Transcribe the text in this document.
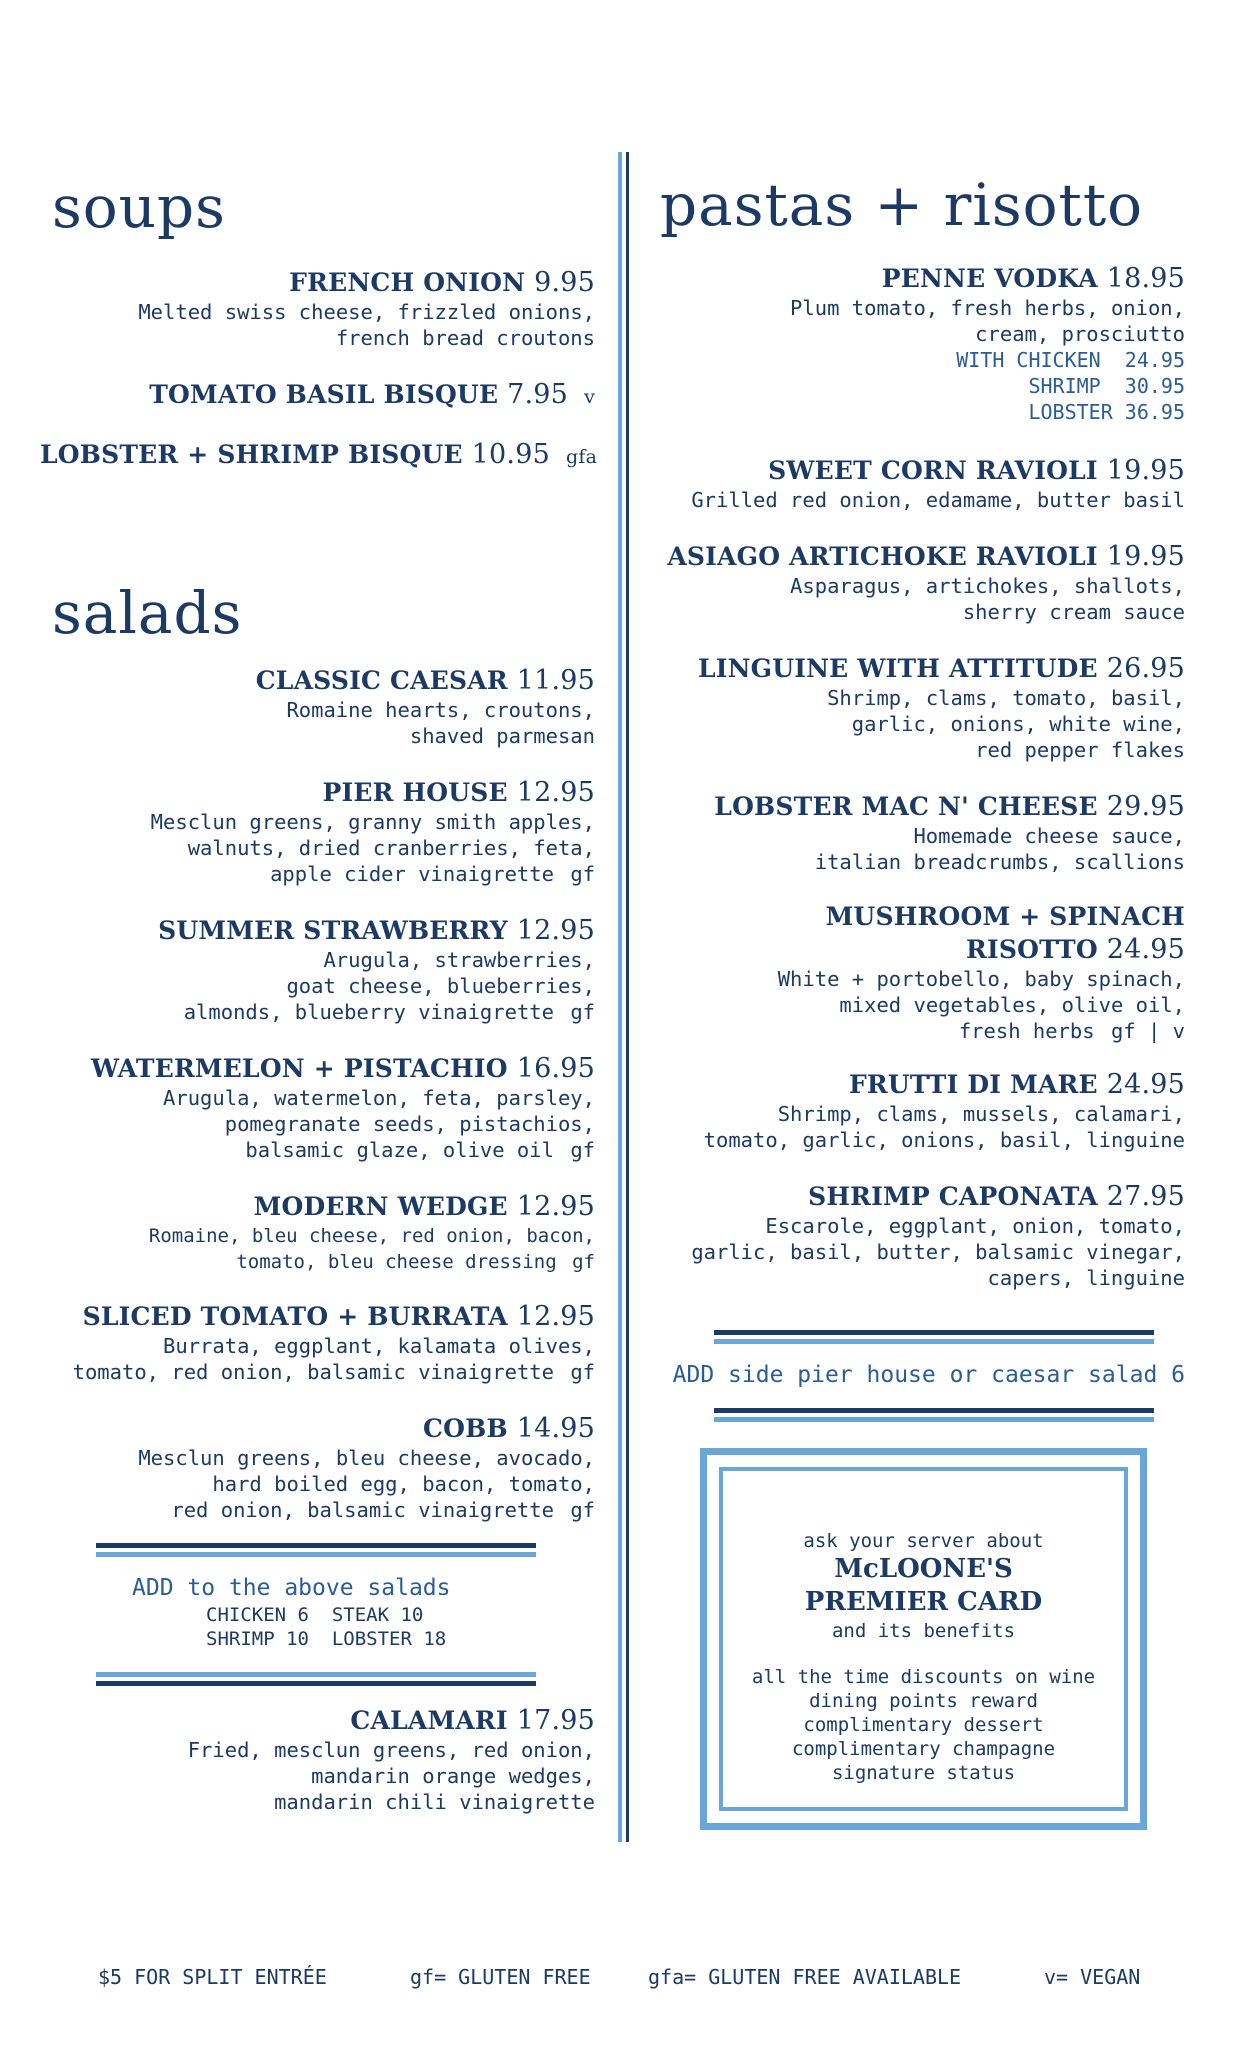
soups
FRENCH ONION 9.95
Melted swiss cheese, frizzled onions,
french bread croutons
TOMATO BASIL BISQUE 7.95 v
LOBSTER + SHRIMP BISQUE 10.95 gfa
salads
CLASSIC CAESAR 11.95
Romaine hearts, croutons,
shaved parmesan
PIER HOUSE 12.95
Mesclun greens, granny smith apples,
walnuts, dried cranberries, feta,
apple cider vinaigrette gf
SUMMER STRAWBERRY 12.95
Arugula, strawberries,
goat cheese, blueberries,
almonds, blueberry vinaigrette gf
WATERMELON + PISTACHIO 16.95
Arugula, watermelon, feta, parsley,
pomegranate seeds, pistachios,
balsamic glaze, olive oil gf
MODERN WEDGE 12.95
Romaine, bleu cheese, red onion, bacon,
tomato, bleu cheese dressing gf
SLICED TOMATO + BURRATA 12.95
Burrata, eggplant, kalamata olives,
tomato, red onion, balsamic vinaigrette gf
COBB 14.95
Mesclun greens, bleu cheese, avocado,
hard boiled egg, bacon, tomato,
red onion, balsamic vinaigrette gf
ADD to the above salads
CHICKEN 6  STEAK 10
SHRIMP 10  LOBSTER 18
CALAMARI 17.95
Fried, mesclun greens, red onion,
mandarin orange wedges,
mandarin chili vinaigrette
pastas + risotto
PENNE VODKA 18.95
Plum tomato, fresh herbs, onion,
cream, prosciutto
WITH CHICKEN  24.95
SHRIMP  30.95
LOBSTER 36.95
SWEET CORN RAVIOLI 19.95
Grilled red onion, edamame, butter basil
ASIAGO ARTICHOKE RAVIOLI 19.95
Asparagus, artichokes, shallots,
sherry cream sauce
LINGUINE WITH ATTITUDE 26.95
Shrimp, clams, tomato, basil,
garlic, onions, white wine,
red pepper flakes
LOBSTER MAC N' CHEESE 29.95
Homemade cheese sauce,
italian breadcrumbs, scallions
MUSHROOM + SPINACH
RISOTTO 24.95
White + portobello, baby spinach,
mixed vegetables, olive oil,
fresh herbs gf | v
FRUTTI DI MARE 24.95
Shrimp, clams, mussels, calamari,
tomato, garlic, onions, basil, linguine
SHRIMP CAPONATA 27.95
Escarole, eggplant, onion, tomato,
garlic, basil, butter, balsamic vinegar,
capers, linguine
ADD side pier house or caesar salad 6
ask your server about
McLOONE'S
PREMIER CARD
and its benefits
all the time discounts on wine
dining points reward
complimentary dessert
complimentary champagne
signature status
$5 FOR SPLIT ENTRÉE	gf= GLUTEN FREE	gfa= GLUTEN FREE AVAILABLE	v= VEGAN
